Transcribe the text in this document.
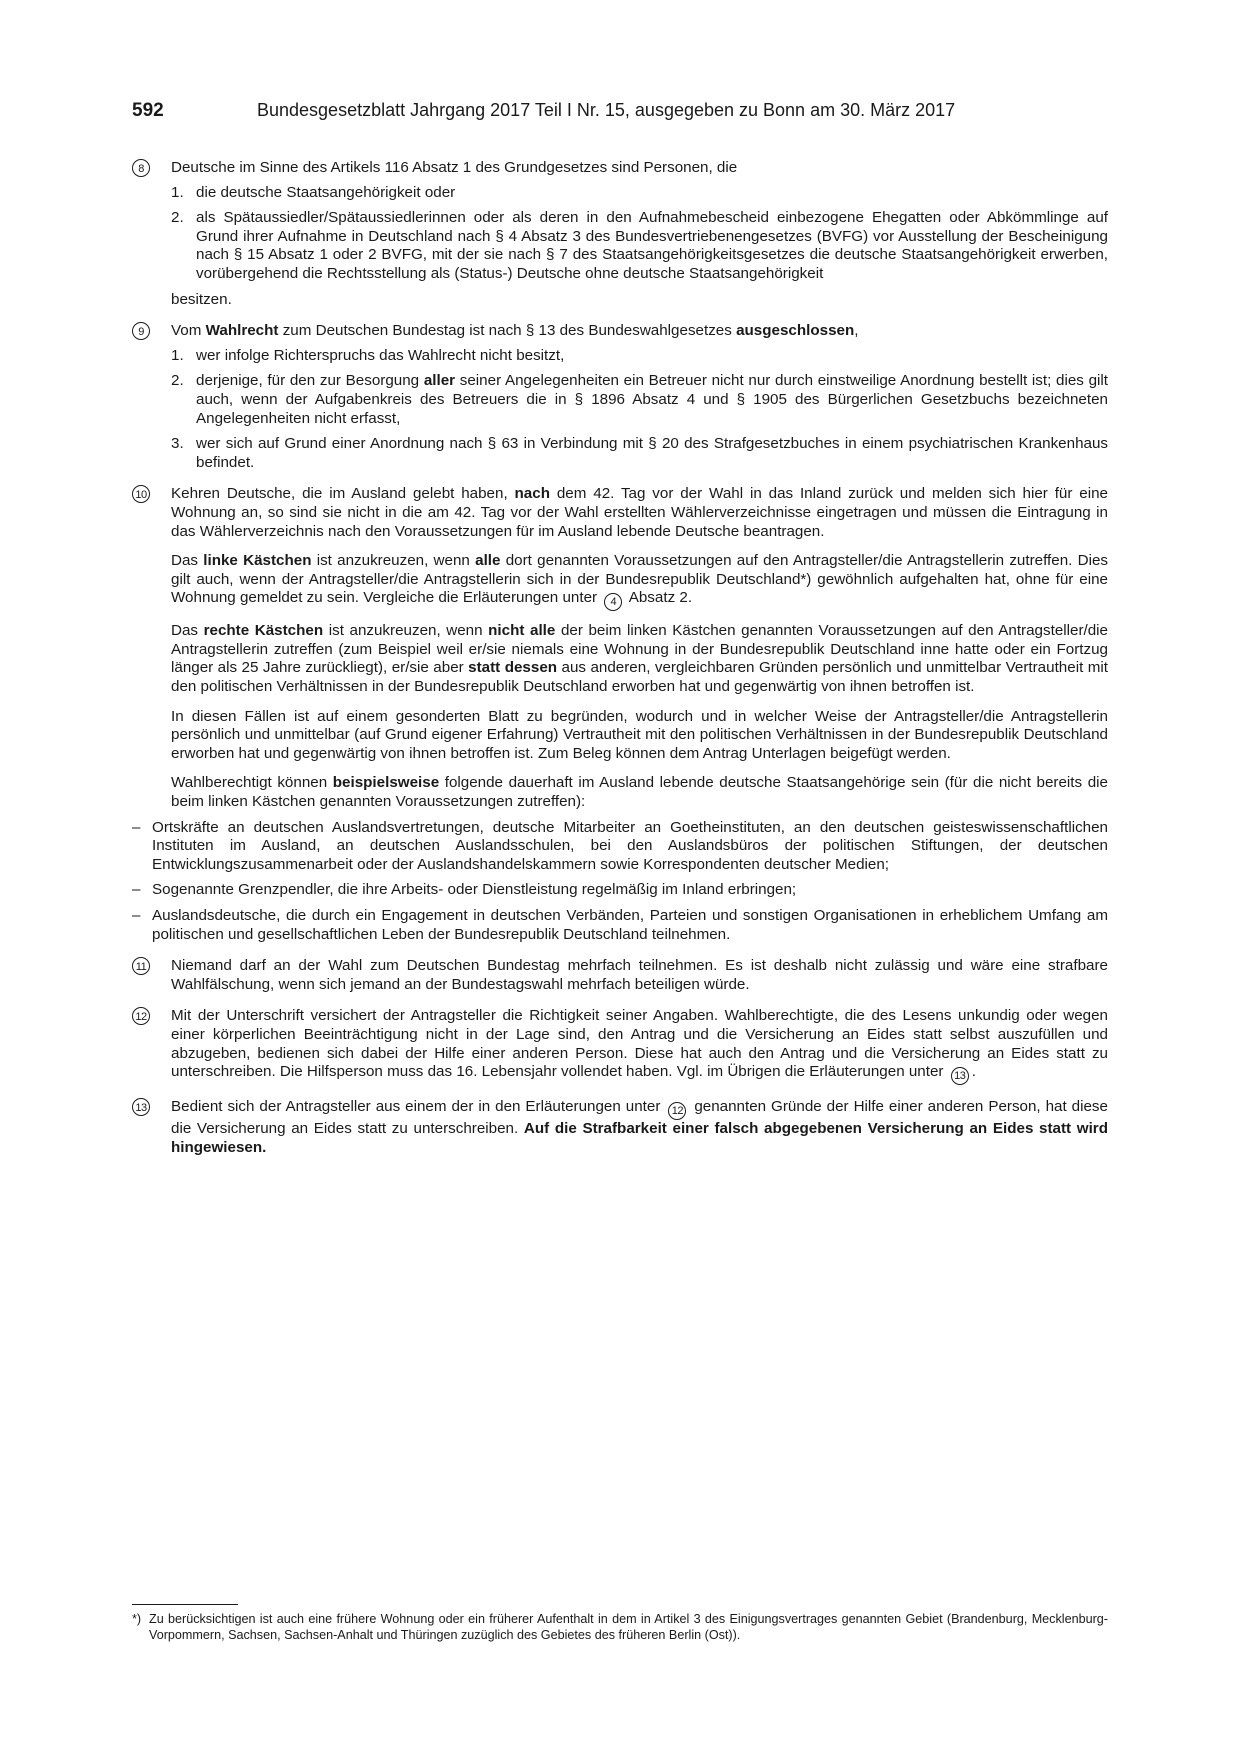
592	Bundesgesetzblatt Jahrgang 2017 Teil I Nr. 15, ausgegeben zu Bonn am 30. März 2017
8	Deutsche im Sinne des Artikels 116 Absatz 1 des Grundgesetzes sind Personen, die

1. die deutsche Staatsangehörigkeit oder
2. als Spätaussiedler/Spätaussiedlerinnen oder als deren in den Aufnahmebescheid einbezogene Ehegatten oder Abkömmlinge auf Grund ihrer Aufnahme in Deutschland nach § 4 Absatz 3 des Bundesvertriebenengesetzes (BVFG) vor Ausstellung der Bescheinigung nach § 15 Absatz 1 oder 2 BVFG, mit der sie nach § 7 des Staatsangehörigkeitsgesetzes die deutsche Staatsangehörigkeit erwerben, vorübergehend die Rechtsstellung als (Status-) Deutsche ohne deutsche Staatsangehörigkeit

besitzen.

9	Vom Wahlrecht zum Deutschen Bundestag ist nach § 13 des Bundeswahlgesetzes ausgeschlossen,

1. wer infolge Richterspruchs das Wahlrecht nicht besitzt,
2. derjenige, für den zur Besorgung aller seiner Angelegenheiten ein Betreuer nicht nur durch einstweilige Anordnung bestellt ist; dies gilt auch, wenn der Aufgabenkreis des Betreuers die in § 1896 Absatz 4 und § 1905 des Bürgerlichen Gesetzbuchs bezeichneten Angelegenheiten nicht erfasst,
3. wer sich auf Grund einer Anordnung nach § 63 in Verbindung mit § 20 des Strafgesetzbuches in einem psychiatrischen Krankenhaus befindet.
10 Kehren Deutsche, die im Ausland gelebt haben, nach dem 42. Tag vor der Wahl in das Inland zurück und melden sich hier für eine Wohnung an, so sind sie nicht in die am 42. Tag vor der Wahl erstellten Wählerverzeichnisse eingetragen und müssen die Eintragung in das Wählerverzeichnis nach den Voraussetzungen für im Ausland lebende Deutsche beantragen.

Das linke Kästchen ist anzukreuzen, wenn alle dort genannten Voraussetzungen auf den Antragsteller/die Antragstellerin zutreffen. Dies gilt auch, wenn der Antragsteller/die Antragstellerin sich in der Bundesrepublik Deutschland*) gewöhnlich aufgehalten hat, ohne für eine Wohnung gemeldet zu sein. Vergleiche die Erläuterungen unter 4 Absatz 2.

Das rechte Kästchen ist anzukreuzen, wenn nicht alle der beim linken Kästchen genannten Voraussetzungen auf den Antragsteller/die Antragstellerin zutreffen (zum Beispiel weil er/sie niemals eine Wohnung in der Bundesrepublik Deutschland inne hatte oder ein Fortzug länger als 25 Jahre zurückliegt), er/sie aber statt dessen aus anderen, vergleichbaren Gründen persönlich und unmittelbar Vertrautheit mit den politischen Verhältnissen in der Bundesrepublik Deutschland erworben hat und gegenwärtig von ihnen betroffen ist.

In diesen Fällen ist auf einem gesonderten Blatt zu begründen, wodurch und in welcher Weise der Antragsteller/die Antragstellerin persönlich und unmittelbar (auf Grund eigener Erfahrung) Vertrautheit mit den politischen Verhältnissen in der Bundesrepublik Deutschland erworben hat und gegenwärtig von ihnen betroffen ist. Zum Beleg können dem Antrag Unterlagen beigefügt werden.

Wahlberechtigt können beispielsweise folgende dauerhaft im Ausland lebende deutsche Staatsangehörige sein (für die nicht bereits die beim linken Kästchen genannten Voraussetzungen zutreffen):

– Ortskräfte an deutschen Auslandsvertretungen, deutsche Mitarbeiter an Goetheinstituten, an den deutschen geisteswissenschaftlichen Instituten im Ausland, an deutschen Auslandsschulen, bei den Auslandsbüros der politischen Stiftungen, der deutschen Entwicklungszusammenarbeit oder der Auslandshandelskammern sowie Korrespondenten deutscher Medien;
– Sogenannte Grenzpendler, die ihre Arbeits- oder Dienstleistung regelmäßig im Inland erbringen;
– Auslandsdeutsche, die durch ein Engagement in deutschen Verbänden, Parteien und sonstigen Organisationen in erheblichem Umfang am politischen und gesellschaftlichen Leben der Bundesrepublik Deutschland teilnehmen.
11 Niemand darf an der Wahl zum Deutschen Bundestag mehrfach teilnehmen. Es ist deshalb nicht zulässig und wäre eine strafbare Wahlfälschung, wenn sich jemand an der Bundestagswahl mehrfach beteiligen würde.

12 Mit der Unterschrift versichert der Antragsteller die Richtigkeit seiner Angaben. Wahlberechtigte, die des Lesens unkundig oder wegen einer körperlichen Beeinträchtigung nicht in der Lage sind, den Antrag und die Versicherung an Eides statt selbst auszufüllen und abzugeben, bedienen sich dabei der Hilfe einer anderen Person. Diese hat auch den Antrag und die Versicherung an Eides statt zu unterschreiben. Die Hilfsperson muss das 16. Lebensjahr vollendet haben. Vgl. im Übrigen die Erläuterungen unter 13 .

13 Bedient sich der Antragsteller aus einem der in den Erläuterungen unter 12 genannten Gründe der Hilfe einer anderen Person, hat diese die Versicherung an Eides statt zu unterschreiben. Auf die Strafbarkeit einer falsch abgegebenen Versicherung an Eides statt wird hingewiesen.

*) Zu berücksichtigen ist auch eine frühere Wohnung oder ein früherer Aufenthalt in dem in Artikel 3 des Einigungsvertrages genannten Gebiet (Brandenburg, Mecklenburg-Vorpommern, Sachsen, Sachsen-Anhalt und Thüringen zuzüglich des Gebietes des früheren Berlin (Ost)).
